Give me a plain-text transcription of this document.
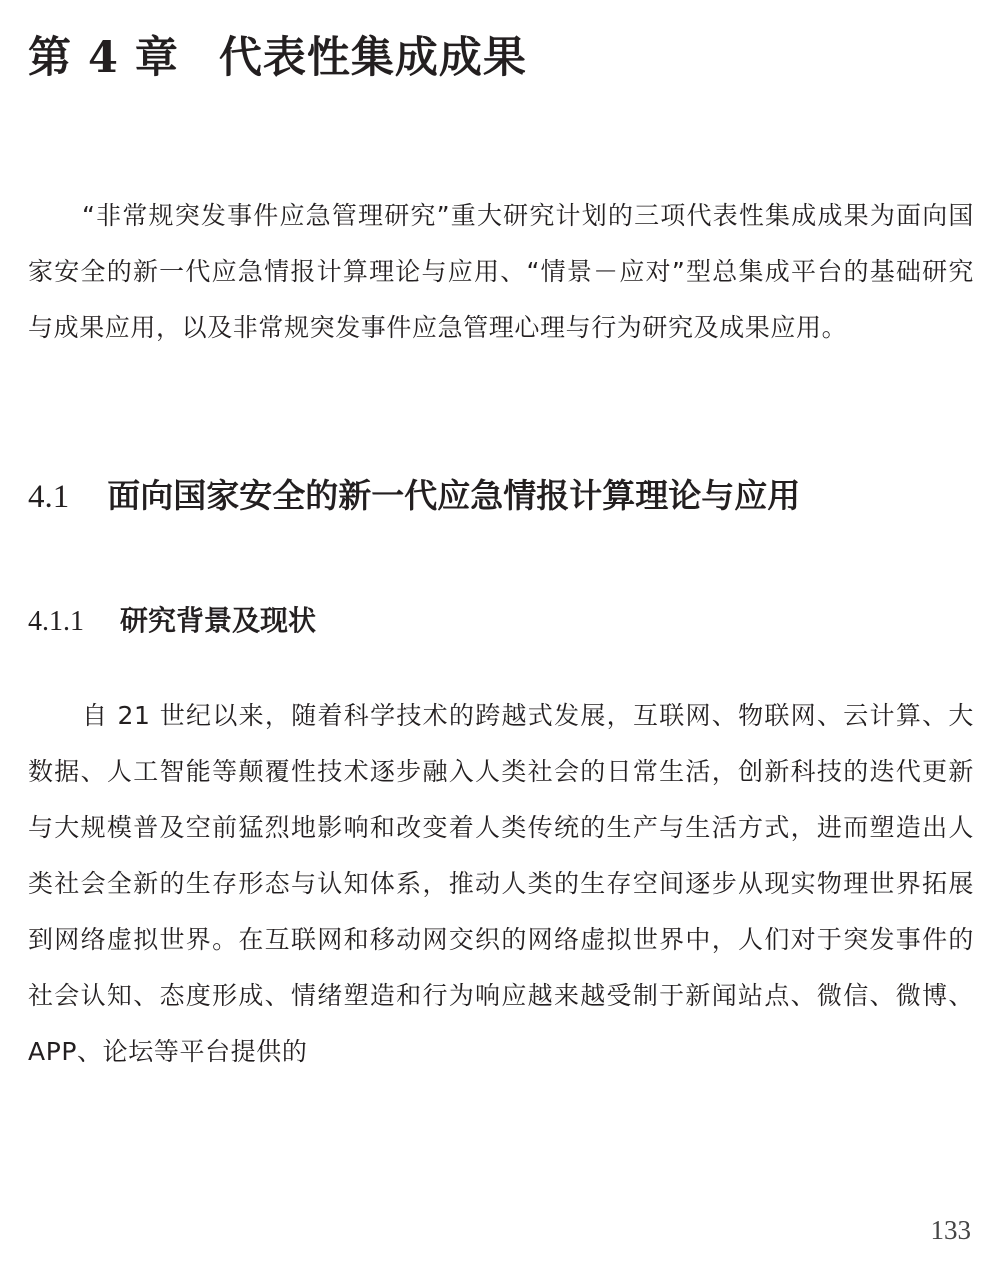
第 4 章 代表性集成成果

“非常规突发事件应急管理研究”重大研究计划的三项代表性集成成果为面向国家安全的新一代应急情报计算理论与应用、“情景－应对”型总集成平台的基础研究与成果应用，以及非常规突发事件应急管理心理与行为研究及成果应用。

4.1 面向国家安全的新一代应急情报计算理论与应用
4.1.1 研究背景及现状

自 21 世纪以来，随着科学技术的跨越式发展，互联网、物联网、云计算、大数据、人工智能等颠覆性技术逐步融入人类社会的日常生活，创新科技的迭代更新与大规模普及空前猛烈地影响和改变着人类传统的生产与生活方式，进而塑造出人类社会全新的生存形态与认知体系，推动人类的生存空间逐步从现实物理世界拓展到网络虚拟世界。在互联网和移动网交织的网络虚拟世界中，人们对于突发事件的社会认知、态度形成、情绪塑造和行为响应越来越受制于新闻站点、微信、微博、APP、论坛等平台提供的

133
